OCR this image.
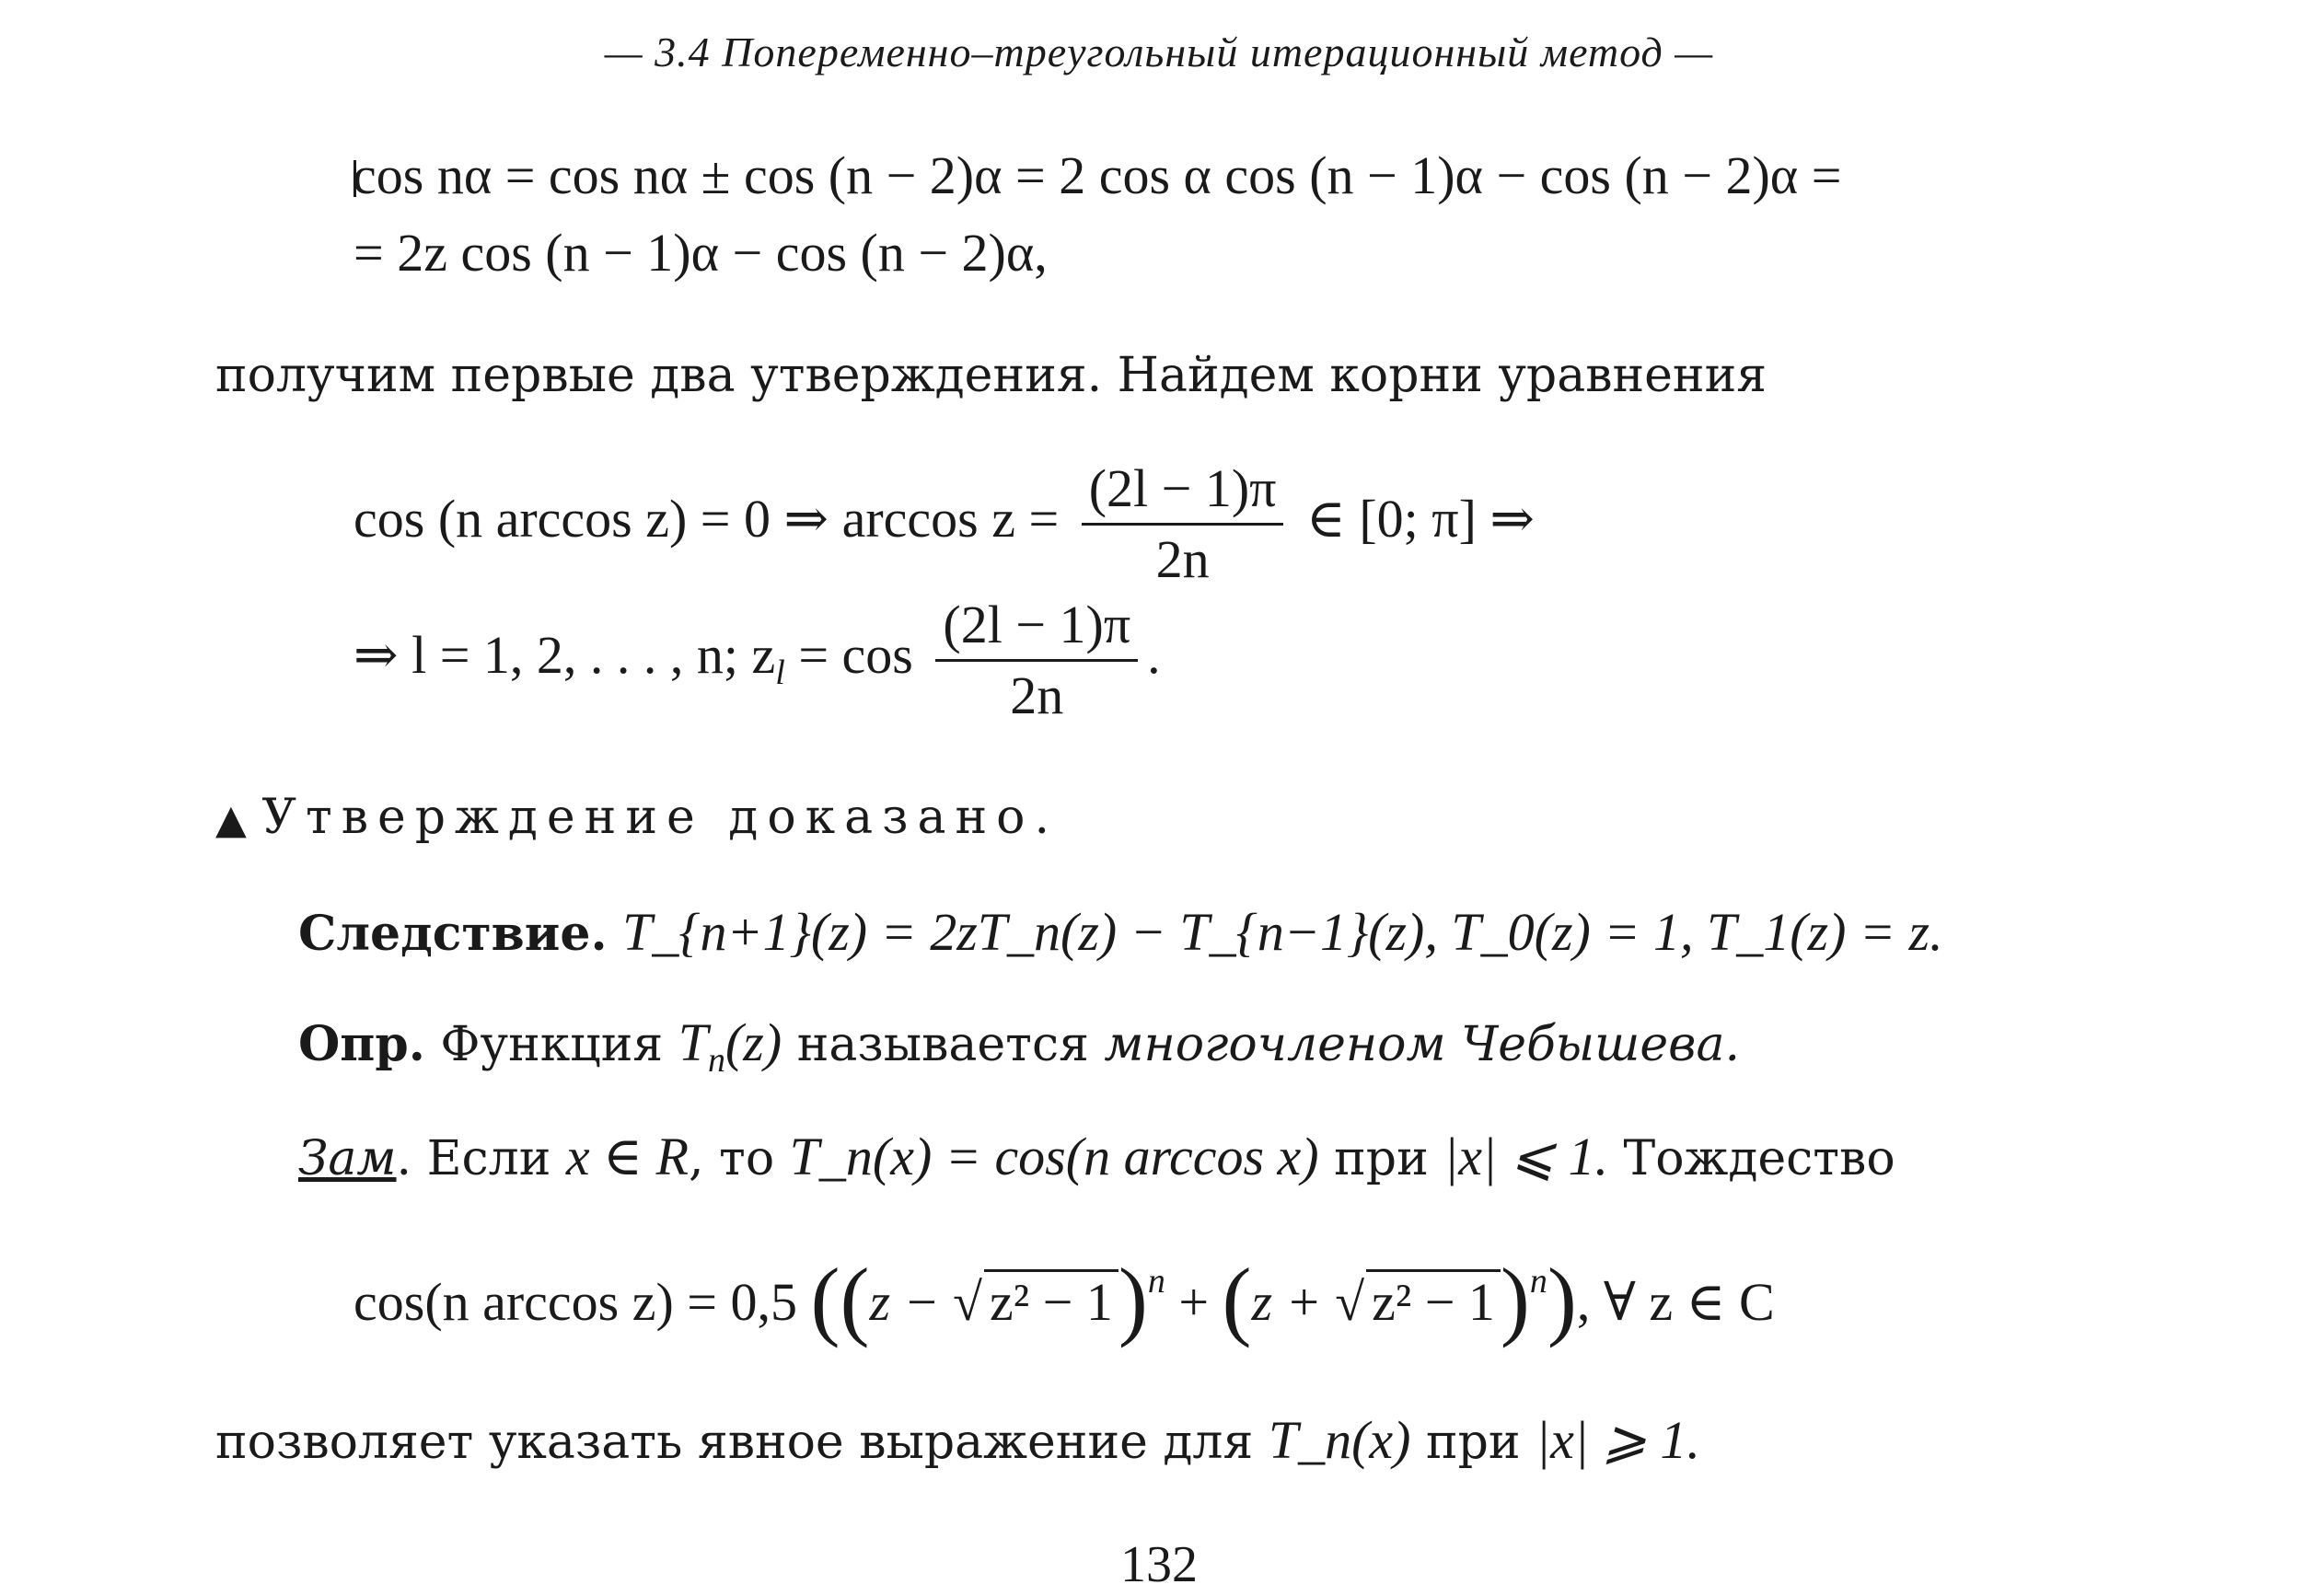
— 3.4 Попеременно–треугольный итерационный метод —
cos nα = cos nα ± cos (n − 2)α = 2 cos α cos (n − 1)α − cos (n − 2)α =
= 2z cos (n − 1)α − cos (n − 2)α,
получим первые два утверждения. Найдем корни уравнения
cos (n arccos z) = 0 ⇒ $\arccos z = \frac{(2l - 1)\pi}{2n}$ ∈ [0; π] ⇒
⇒ l = 1, 2, . . . , n; $z_l = \cos \frac{(2l - 1)\pi}{2n}$ .
▲ Утверждение доказано.
Следствие. T_{n+1}(z) = 2zT_n(z) − T_{n−1}(z), T_0(z) = 1, T_1(z) = z.
Опр. Функция $T_n(z)$ называется многочленом Чебышева.
Зам. Если x ∈ R, то T_n(x) = cos(n arccos x) при |x| ⩽ 1. Тождество
cos(n arccos z) = 0,5 ((z − √ z² − 1)$^n$ + (z + √ z² − 1)$^n$), ∀ z ∈ C
позволяет указать явное выражение для T_n(x) при |x| ⩾ 1.
132
